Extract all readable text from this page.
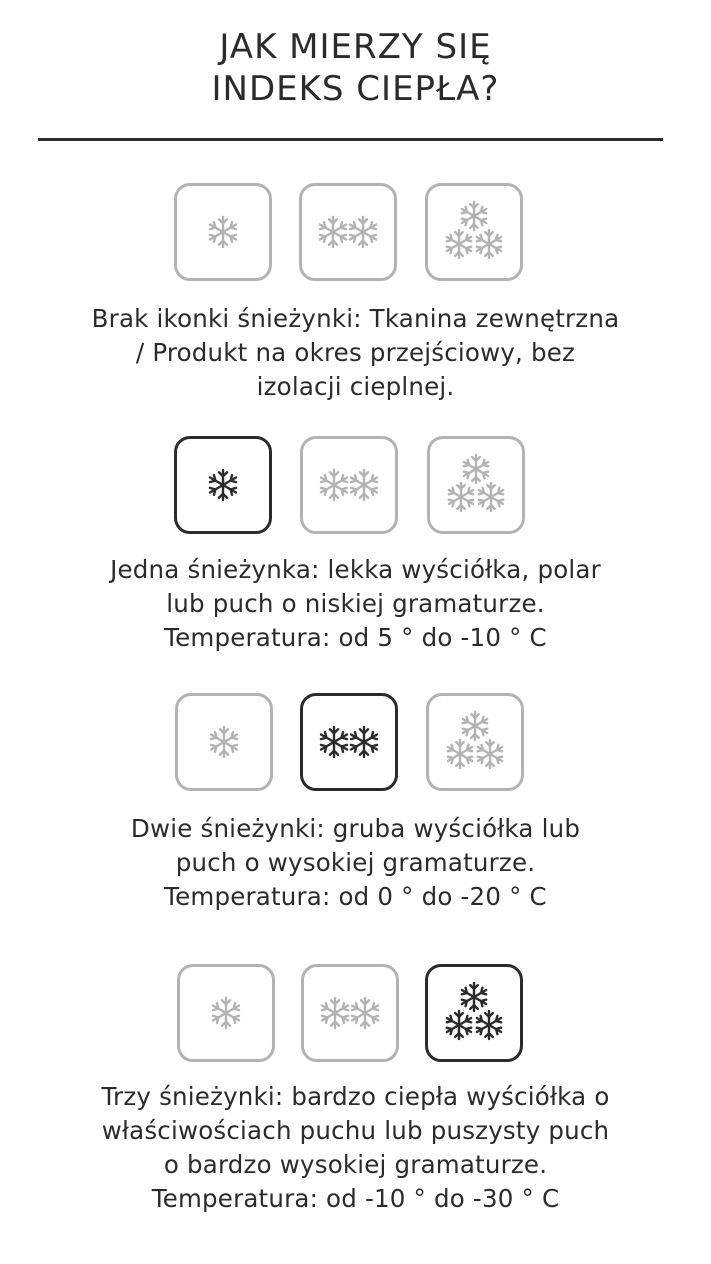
JAK MIERZY SIĘ
INDEKS CIEPŁA?
Brak ikonki śnieżynki: Tkanina zewnętrzna
/ Produkt na okres przejściowy, bez
izolacji cieplnej.
Jedna śnieżynka: lekka wyściółka, polar
lub puch o niskiej gramaturze.
Temperatura: od 5 ° do -10 ° C
Dwie śnieżynki: gruba wyściółka lub
puch o wysokiej gramaturze.
Temperatura: od 0 ° do -20 ° C
Trzy śnieżynki: bardzo ciepła wyściółka o
właściwościach puchu lub puszysty puch
o bardzo wysokiej gramaturze.
Temperatura: od -10 ° do -30 ° C
